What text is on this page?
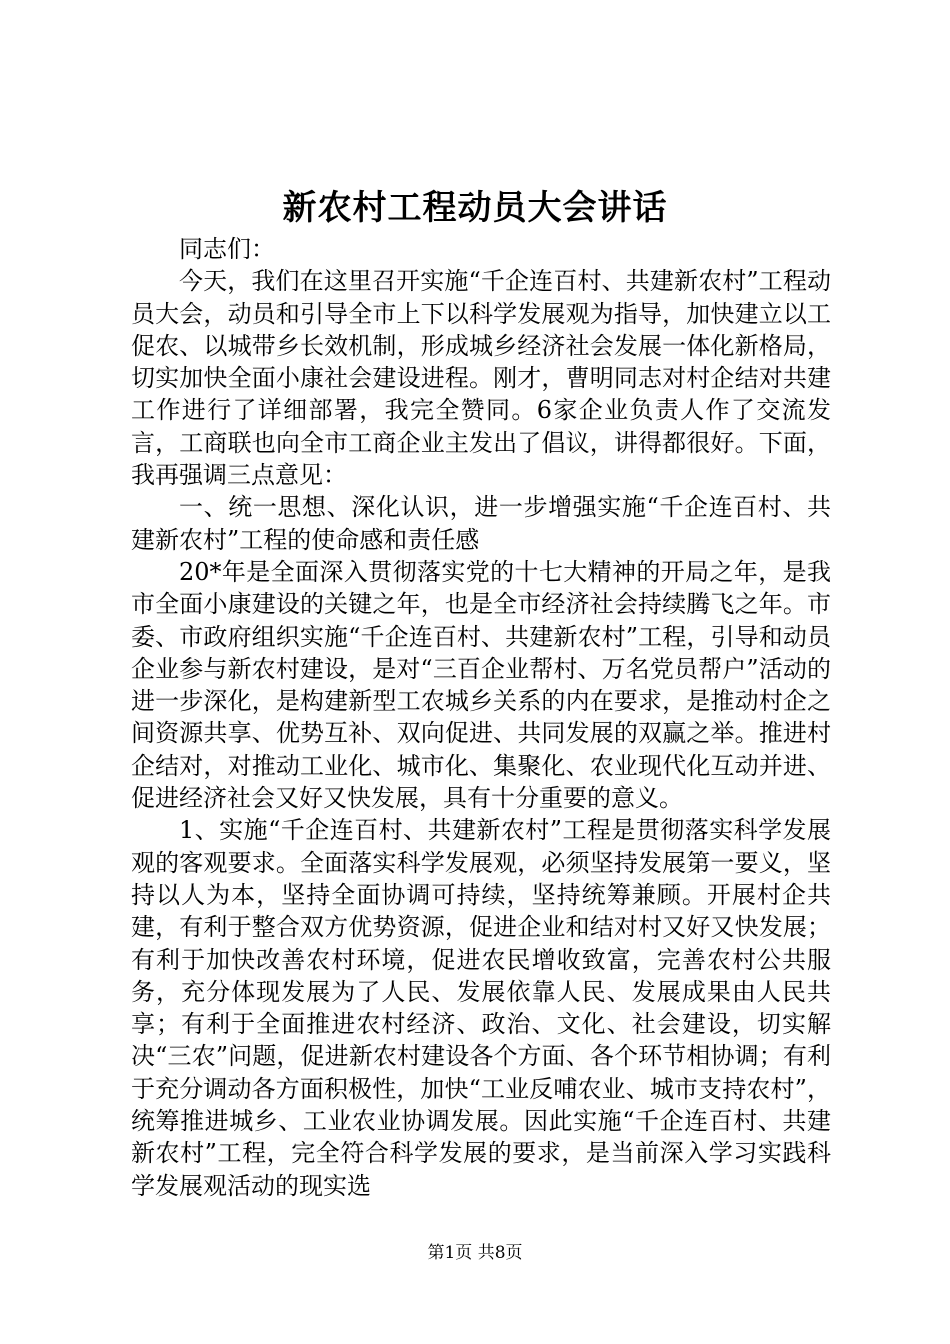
新农村工程动员大会讲话

同志们：

今天，我们在这里召开实施“千企连百村、共建新农村”工程动员大会，动员和引导全市上下以科学发展观为指导，加快建立以工促农、以城带乡长效机制，形成城乡经济社会发展一体化新格局，切实加快全面小康社会建设进程。刚才，曹明同志对村企结对共建工作进行了详细部署，我完全赞同。6家企业负责人作了交流发言，工商联也向全市工商企业主发出了倡议，讲得都很好。下面，我再强调三点意见：

一、统一思想、深化认识，进一步增强实施“千企连百村、共建新农村”工程的使命感和责任感

20*年是全面深入贯彻落实党的十七大精神的开局之年，是我市全面小康建设的关键之年，也是全市经济社会持续腾飞之年。市委、市政府组织实施“千企连百村、共建新农村”工程，引导和动员企业参与新农村建设，是对“三百企业帮村、万名党员帮户”活动的进一步深化，是构建新型工农城乡关系的内在要求，是推动村企之间资源共享、优势互补、双向促进、共同发展的双赢之举。推进村企结对，对推动工业化、城市化、集聚化、农业现代化互动并进、促进经济社会又好又快发展，具有十分重要的意义。

1、实施“千企连百村、共建新农村”工程是贯彻落实科学发展观的客观要求。全面落实科学发展观，必须坚持发展第一要义，坚持以人为本，坚持全面协调可持续，坚持统筹兼顾。开展村企共建，有利于整合双方优势资源，促进企业和结对村又好又快发展；有利于加快改善农村环境，促进农民增收致富，完善农村公共服务，充分体现发展为了人民、发展依靠人民、发展成果由人民共享；有利于全面推进农村经济、政治、文化、社会建设，切实解决“三农”问题，促进新农村建设各个方面、各个环节相协调；有利于充分调动各方面积极性，加快“工业反哺农业、城市支持农村”，统筹推进城乡、工业农业协调发展。因此实施“千企连百村、共建新农村”工程，完全符合科学发展的要求，是当前深入学习实践科学发展观活动的现实选

第1页 共8页
